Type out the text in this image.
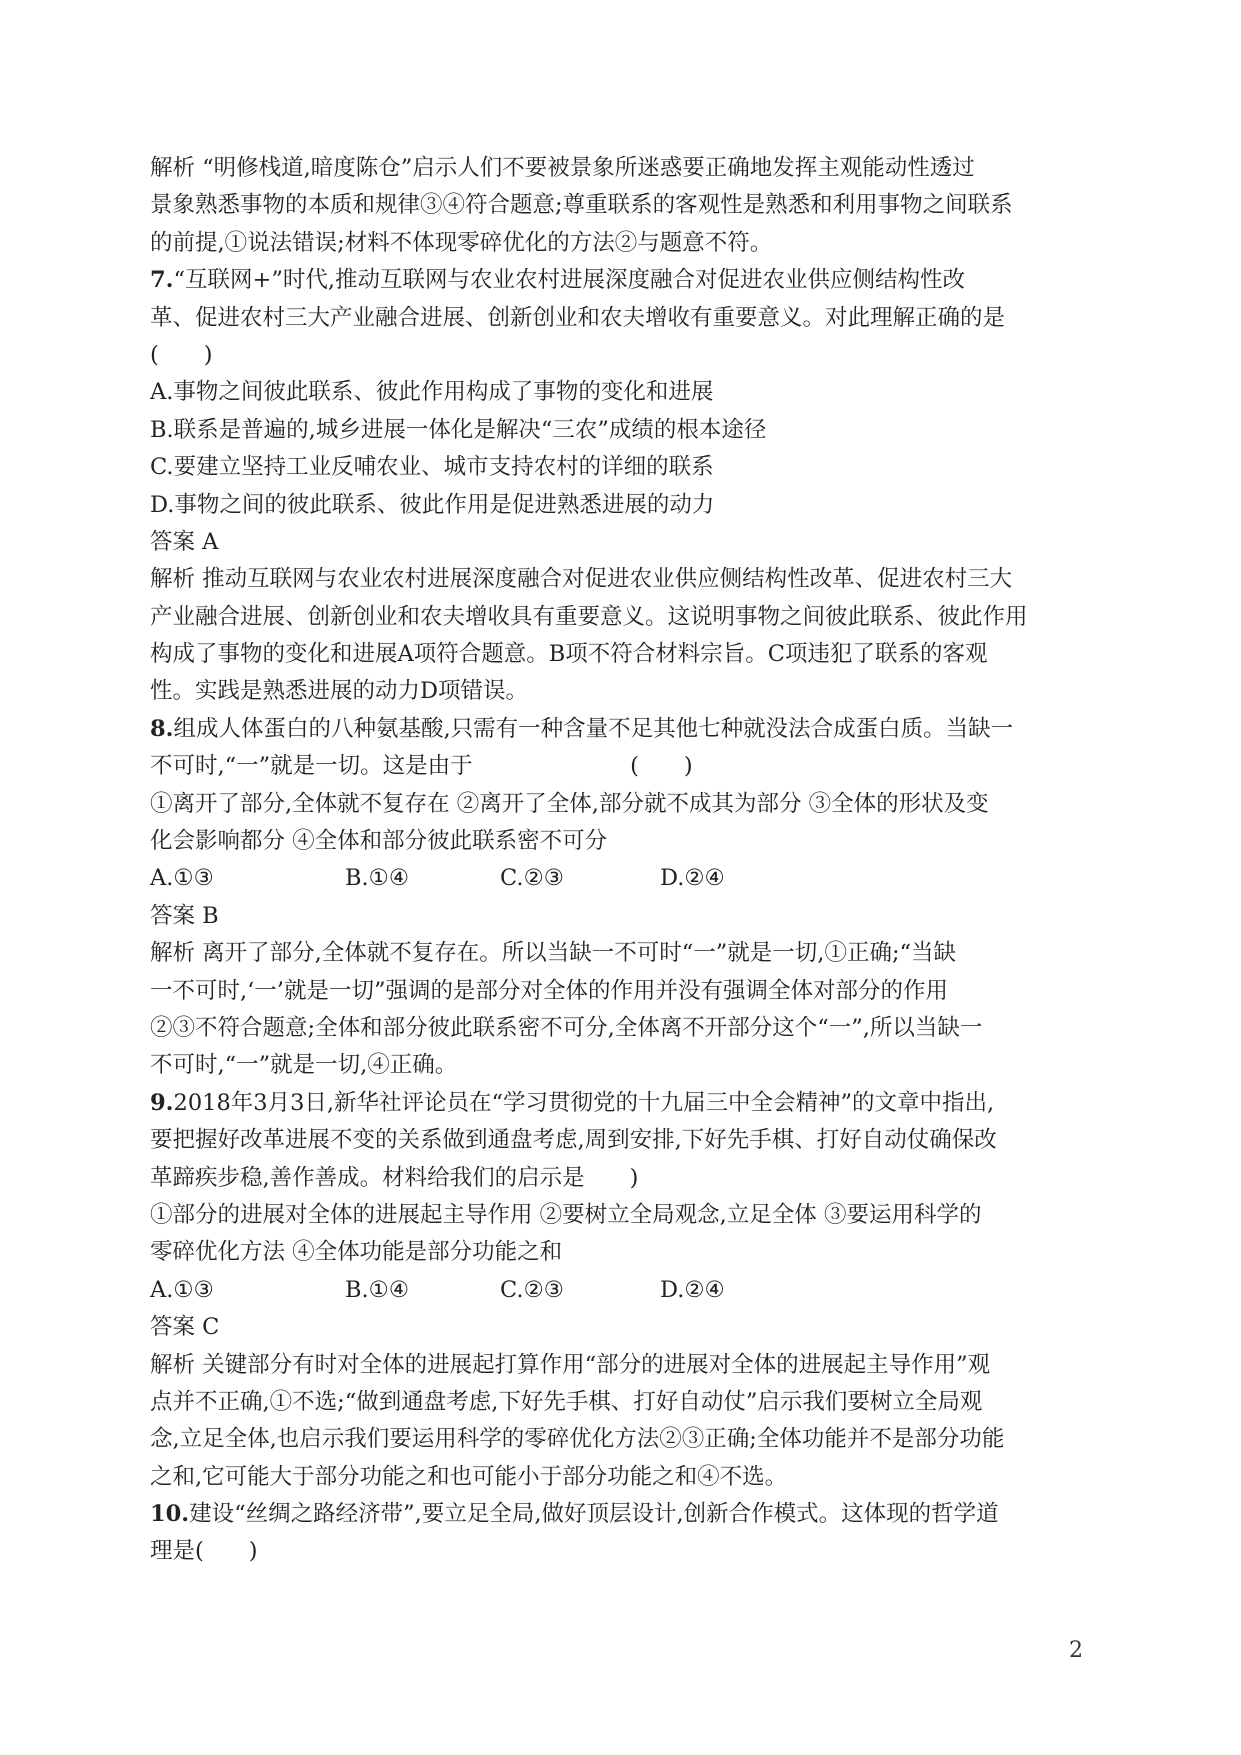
解析 “明修栈道,暗度陈仓”启示人们不要被景象所迷惑要正确地发挥主观能动性透过
景象熟悉事物的本质和规律③④符合题意;尊重联系的客观性是熟悉和利用事物之间联系
的前提,①说法错误;材料不体现零碎优化的方法②与题意不符。
7.“互联网+”时代,推动互联网与农业农村进展深度融合对促进农业供应侧结构性改
革、促进农村三大产业融合进展、创新创业和农夫增收有重要意义。对此理解正确的是
(　　)
A.事物之间彼此联系、彼此作用构成了事物的变化和进展
B.联系是普遍的,城乡进展一体化是解决“三农”成绩的根本途径
C.要建立坚持工业反哺农业、城市支持农村的详细的联系
D.事物之间的彼此联系、彼此作用是促进熟悉进展的动力
答案 A
解析 推动互联网与农业农村进展深度融合对促进农业供应侧结构性改革、促进农村三大
产业融合进展、创新创业和农夫增收具有重要意义。这说明事物之间彼此联系、彼此作用
构成了事物的变化和进展A项符合题意。B项不符合材料宗旨。C项违犯了联系的客观
性。实践是熟悉进展的动力D项错误。
8.组成人体蛋白的八种氨基酸,只需有一种含量不足其他七种就没法合成蛋白质。当缺一
不可时,“一”就是一切。这是由于　　　　　　　(　　)
①离开了部分,全体就不复存在 ②离开了全体,部分就不成其为部分 ③全体的形状及变
化会影响都分 ④全体和部分彼此联系密不可分
A.①③	B.①④	C.②③	D.②④
答案 B
解析 离开了部分,全体就不复存在。所以当缺一不可时“一”就是一切,①正确;“当缺
一不可时,‘一’就是一切”强调的是部分对全体的作用并没有强调全体对部分的作用
②③不符合题意;全体和部分彼此联系密不可分,全体离不开部分这个“一”,所以当缺一
不可时,“一”就是一切,④正确。
9.2018年3月3日,新华社评论员在“学习贯彻党的十九届三中全会精神”的文章中指出,
要把握好改革进展不变的关系做到通盘考虑,周到安排,下好先手棋、打好自动仗确保改
革蹄疾步稳,善作善成。材料给我们的启示是　　)
①部分的进展对全体的进展起主导作用 ②要树立全局观念,立足全体 ③要运用科学的
零碎优化方法 ④全体功能是部分功能之和
A.①③	B.①④	C.②③	D.②④
答案 C
解析 关键部分有时对全体的进展起打算作用“部分的进展对全体的进展起主导作用”观
点并不正确,①不选;“做到通盘考虑,下好先手棋、打好自动仗”启示我们要树立全局观
念,立足全体,也启示我们要运用科学的零碎优化方法②③正确;全体功能并不是部分功能
之和,它可能大于部分功能之和也可能小于部分功能之和④不选。
10.建设“丝绸之路经济带”,要立足全局,做好顶层设计,创新合作模式。这体现的哲学道
理是(　　)
2
